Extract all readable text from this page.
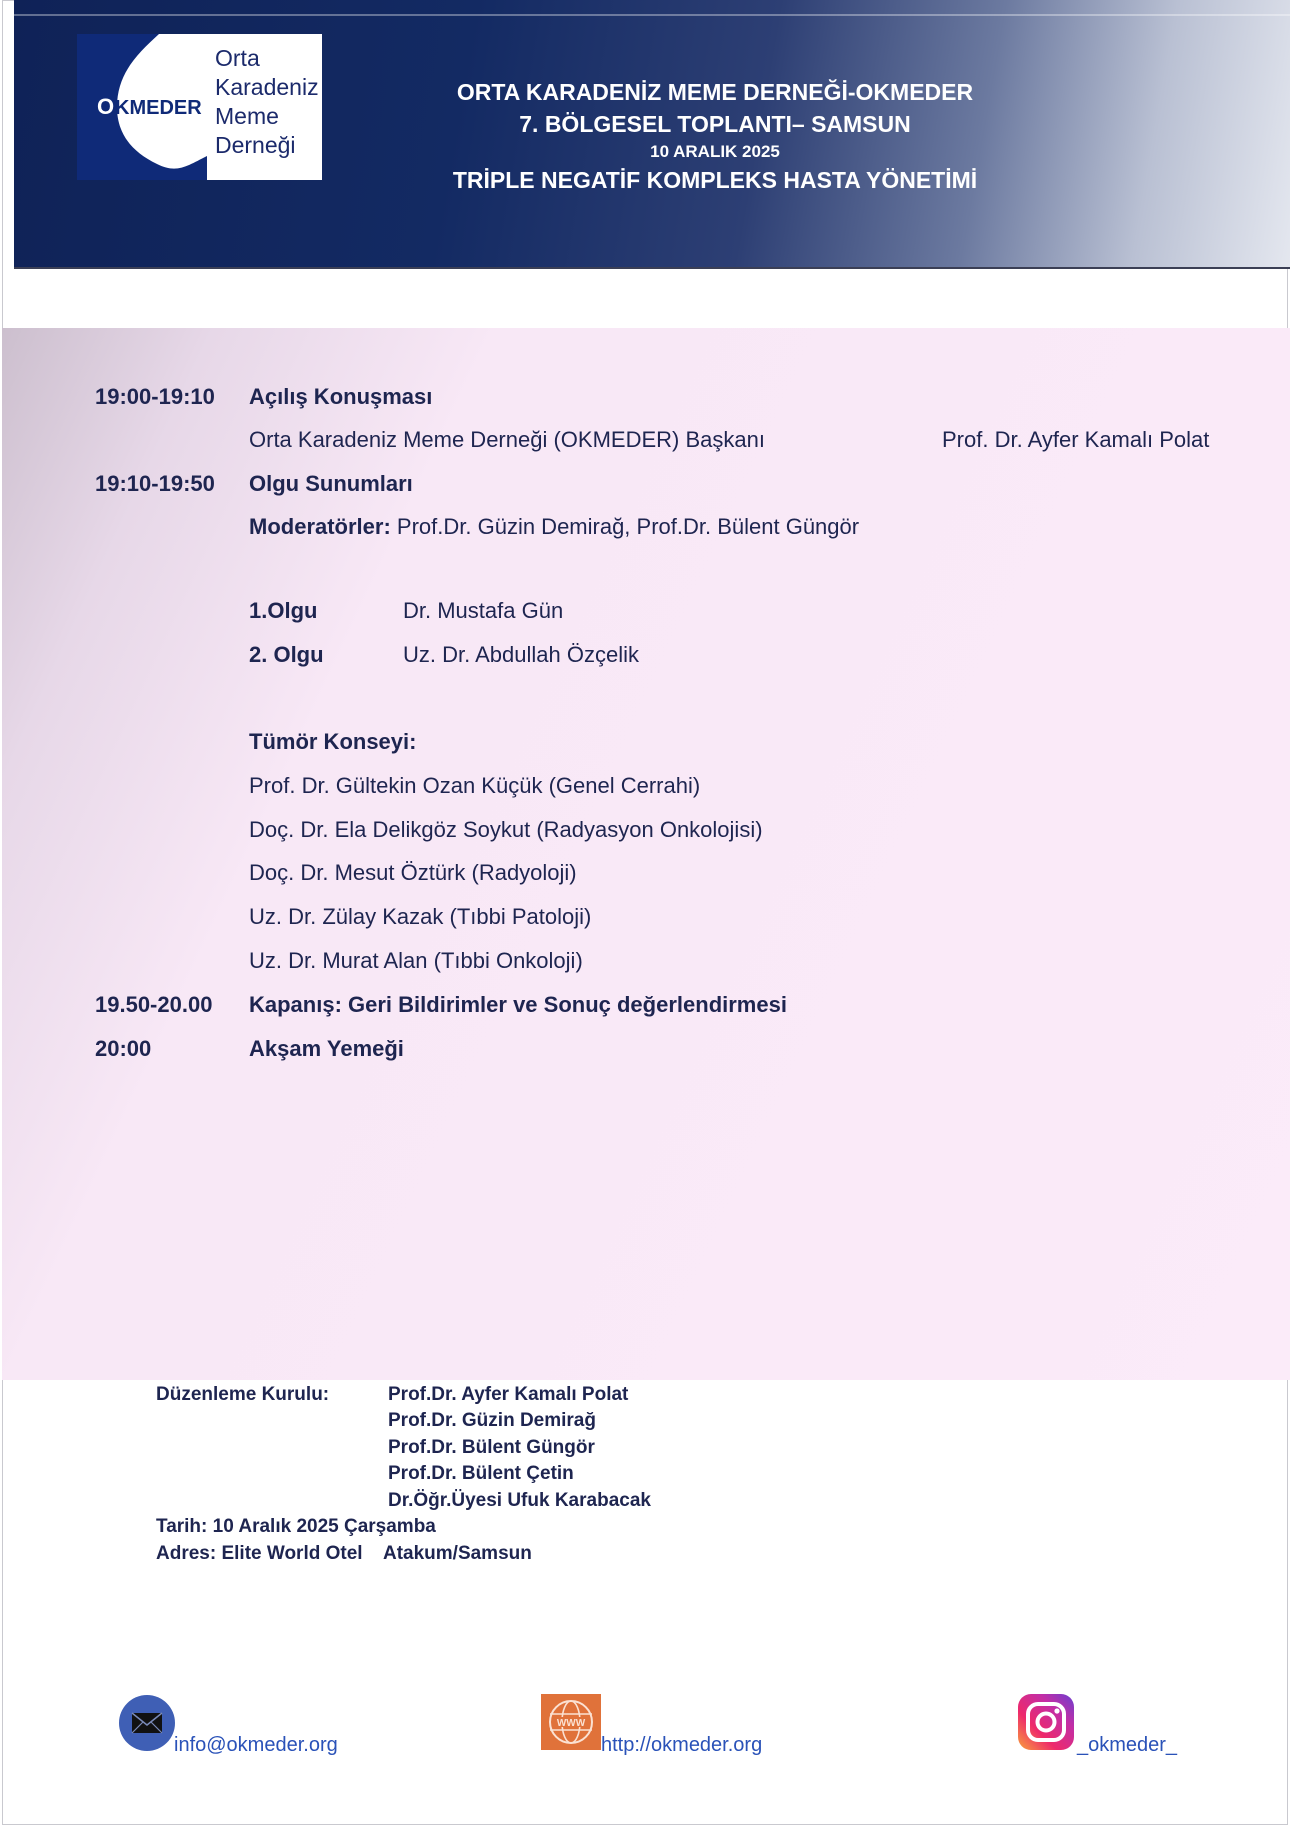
O KMEDER
Orta
Karadeniz
Meme
Derneği
ORTA KARADENİZ MEME DERNEĞİ-OKMEDER
7. BÖLGESEL TOPLANTI– SAMSUN
10 ARALIK 2025
TRİPLE NEGATİF KOMPLEKS HASTA YÖNETİMİ
19:00-19:10 Açılış Konuşması
Orta Karadeniz Meme Derneği (OKMEDER) Başkanı	Prof. Dr. Ayfer Kamalı Polat
19:10-19:50 Olgu Sunumları
Moderatörler: Prof.Dr. Güzin Demirağ, Prof.Dr. Bülent Güngör
1.Olgu	Dr. Mustafa Gün
2. Olgu	Uz. Dr. Abdullah Özçelik
Tümör Konseyi:
Prof. Dr. Gültekin Ozan Küçük (Genel Cerrahi)
Doç. Dr. Ela Delikgöz Soykut (Radyasyon Onkolojisi)
Doç. Dr. Mesut Öztürk (Radyoloji)
Uz. Dr. Zülay Kazak (Tıbbi Patoloji)
Uz. Dr. Murat Alan (Tıbbi Onkoloji)
19.50-20.00 Kapanış: Geri Bildirimler ve Sonuç değerlendirmesi
20:00	Akşam Yemeği
Düzenleme Kurulu:	Prof.Dr. Ayfer Kamalı Polat
Prof.Dr. Güzin Demirağ
Prof.Dr. Bülent Güngör
Prof.Dr. Bülent Çetin
Dr.Öğr.Üyesi Ufuk Karabacak
Tarih: 10 Aralık 2025 Çarşamba
Adres: Elite World Otel    Atakum/Samsun
info@okmeder.org
WWW
http://okmeder.org	_okmeder_
